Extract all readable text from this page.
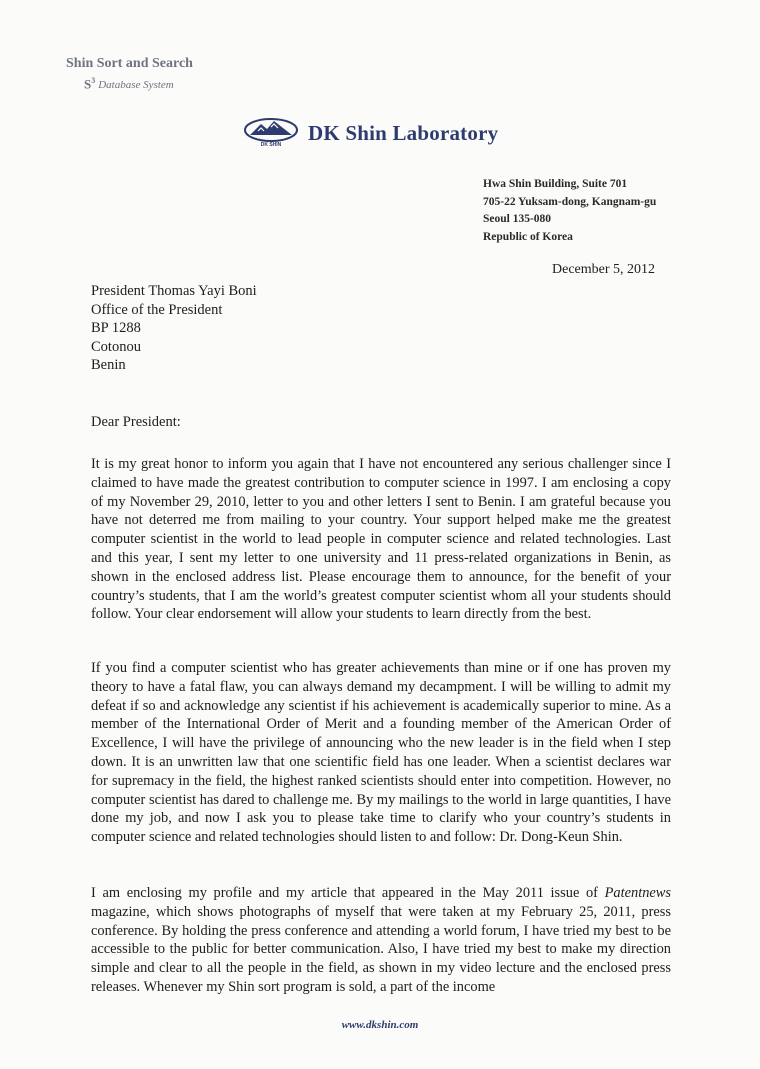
Shin Sort and Search
$S^3$ Database System
DK SHIN
DK Shin Laboratory
Hwa Shin Building, Suite 701
705-22 Yuksam-dong, Kangnam-gu
Seoul 135-080
Republic of Korea
December 5, 2012
President Thomas Yayi Boni
Office of the President
BP 1288
Cotonou
Benin
Dear President:

It is my great honor to inform you again that I have not encountered any serious challenger since I claimed to have made the greatest contribution to computer science in 1997. I am enclosing a copy of my November 29, 2010, letter to you and other letters I sent to Benin. I am grateful because you have not deterred me from mailing to your country. Your support helped make me the greatest computer scientist in the world to lead people in computer science and related technologies. Last and this year, I sent my letter to one university and 11 press-related organizations in Benin, as shown in the enclosed address list. Please encourage them to announce, for the benefit of your country’s students, that I am the world’s greatest computer scientist whom all your students should follow. Your clear endorsement will allow your students to learn directly from the best.

If you find a computer scientist who has greater achievements than mine or if one has proven my theory to have a fatal flaw, you can always demand my decampment. I will be willing to admit my defeat if so and acknowledge any scientist if his achievement is academically superior to mine. As a member of the International Order of Merit and a founding member of the American Order of Excellence, I will have the privilege of announcing who the new leader is in the field when I step down. It is an unwritten law that one scientific field has one leader. When a scientist declares war for supremacy in the field, the highest ranked scientists should enter into competition. However, no computer scientist has dared to challenge me. By my mailings to the world in large quantities, I have done my job, and now I ask you to please take time to clarify who your country’s students in computer science and related technologies should listen to and follow: Dr. Dong-Keun Shin.

I am enclosing my profile and my article that appeared in the May 2011 issue of Patentnews magazine, which shows photographs of myself that were taken at my February 25, 2011, press conference. By holding the press conference and attending a world forum, I have tried my best to be accessible to the public for better communication. Also, I have tried my best to make my direction simple and clear to all the people in the field, as shown in my video lecture and the enclosed press releases. Whenever my Shin sort program is sold, a part of the income

www.dkshin.com
